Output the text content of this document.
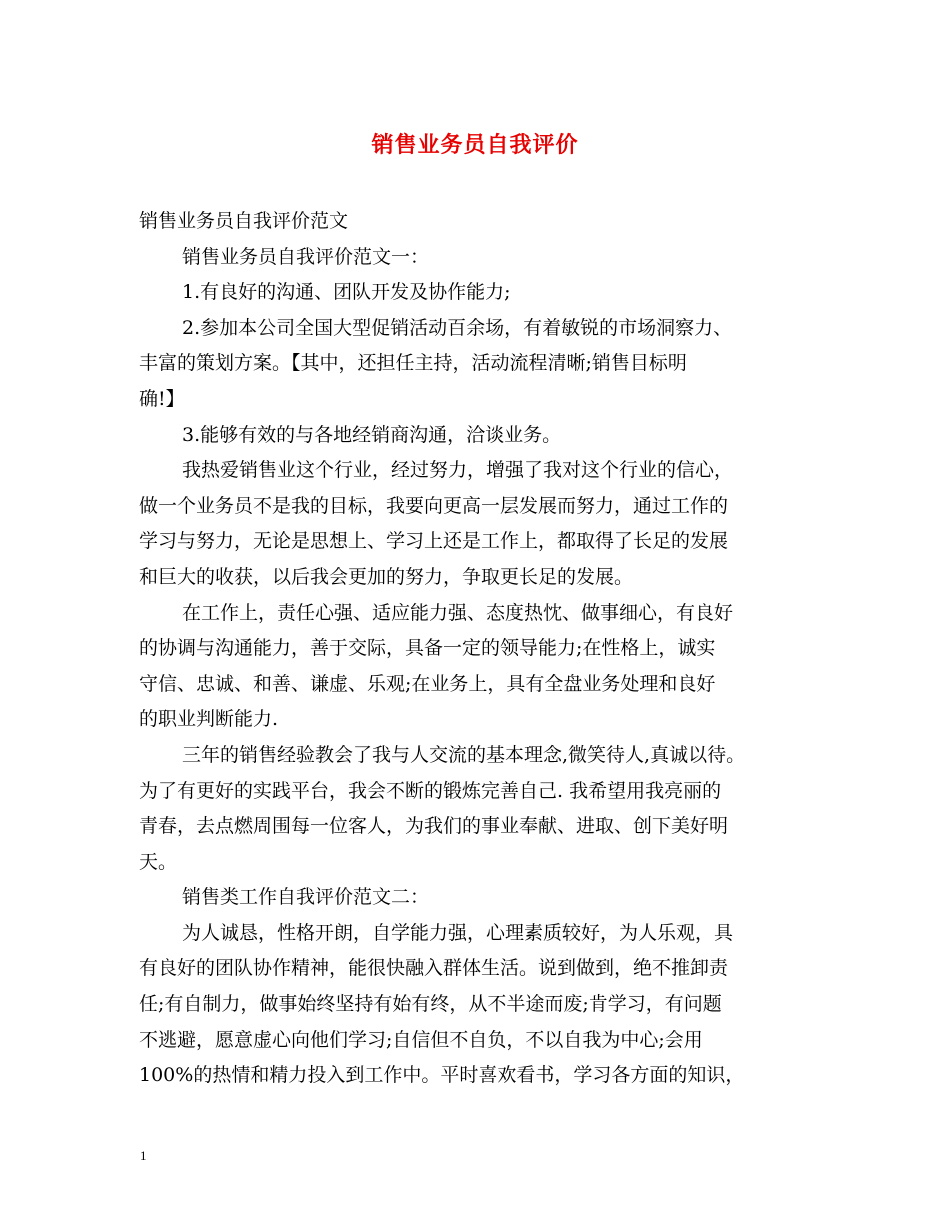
销售业务员自我评价
销售业务员自我评价范文
销售业务员自我评价范文一：
1.有良好的沟通、团队开发及协作能力;
2.参加本公司全国大型促销活动百余场，有着敏锐的市场洞察力、
丰富的策划方案。【其中，还担任主持，活动流程清晰;销售目标明
确!】
3.能够有效的与各地经销商沟通，洽谈业务。
我热爱销售业这个行业，经过努力，增强了我对这个行业的信心，
做一个业务员不是我的目标，我要向更高一层发展而努力，通过工作的
学习与努力，无论是思想上、学习上还是工作上，都取得了长足的发展
和巨大的收获，以后我会更加的努力，争取更长足的发展。
在工作上，责任心强、适应能力强、态度热忱、做事细心，有良好
的协调与沟通能力，善于交际，具备一定的领导能力;在性格上，诚实
守信、忠诚、和善、谦虚、乐观;在业务上，具有全盘业务处理和良好
的职业判断能力.
三年的销售经验教会了我与人交流的基本理念,微笑待人,真诚以待。
为了有更好的实践平台，我会不断的锻炼完善自己. 我希望用我亮丽的
青春，去点燃周围每一位客人，为我们的事业奉献、进取、创下美好明
天。
销售类工作自我评价范文二：
为人诚恳，性格开朗，自学能力强，心理素质较好，为人乐观，具
有良好的团队协作精神，能很快融入群体生活。说到做到，绝不推卸责
任;有自制力，做事始终坚持有始有终，从不半途而废;肯学习，有问题
不逃避，愿意虚心向他们学习;自信但不自负，不以自我为中心;会用
100%的热情和精力投入到工作中。平时喜欢看书，学习各方面的知识，
1
